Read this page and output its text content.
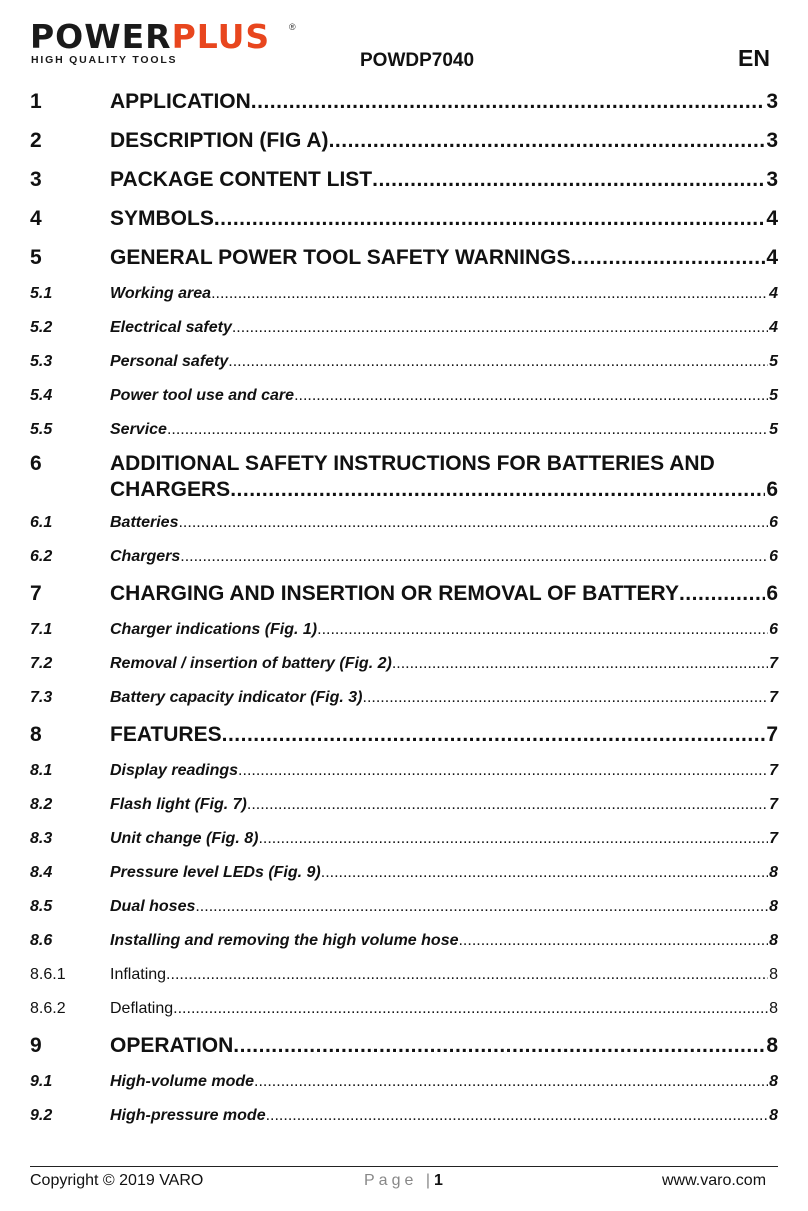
POWERPLUS	®
HIGH QUALITY TOOLS	POWDP7040	EN
1	APPLICATION .....	3
2	DESCRIPTION (FIG A) .....	3
3	PACKAGE CONTENT LIST .....	3
4	SYMBOLS .....	4
5	GENERAL POWER TOOL SAFETY WARNINGS .....	4
5.1	Working area .....	4
5.2	Electrical safety .....	4
5.3	Personal safety .....	5
5.4	Power tool use and care .....	5
5.5	Service .....	5
6	ADDITIONAL SAFETY INSTRUCTIONS FOR BATTERIES AND
CHARGERS .....	6
6.1	Batteries .....	6
6.2	Chargers .....	6
7	CHARGING AND INSERTION OR REMOVAL OF BATTERY .....	6
7.1	Charger indications (Fig. 1) .....	6
7.2	Removal / insertion of battery (Fig. 2) .....	7
7.3	Battery capacity indicator (Fig. 3) .....	7
8	FEATURES .....	7
8.1	Display readings .....	7
8.2	Flash light (Fig. 7) .....	7
8.3	Unit change (Fig. 8) .....	7
8.4	Pressure level LEDs (Fig. 9) .....	8
8.5	Dual hoses .....	8
8.6	Installing and removing the high volume hose .....	8
8.6.1	Inflating .....	8
8.6.2	Deflating .....	8
9	OPERATION .....	8
9.1	High-volume mode .....	8
9.2	High-pressure mode .....	8
Copyright © 2019 VARO	Page |1	www.varo.com
